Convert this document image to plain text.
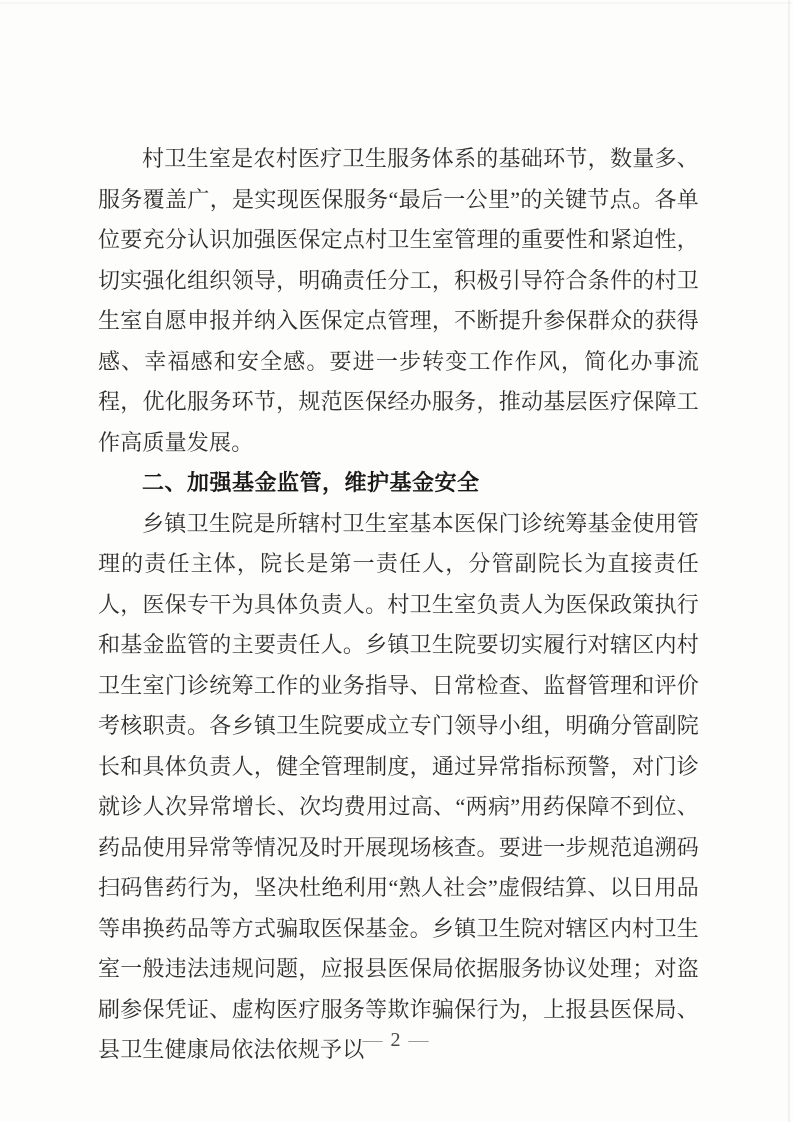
村卫生室是农村医疗卫生服务体系的基础环节，数量多、服务覆盖广，是实现医保服务“最后一公里”的关键节点。各单位要充分认识加强医保定点村卫生室管理的重要性和紧迫性，切实强化组织领导，明确责任分工，积极引导符合条件的村卫生室自愿申报并纳入医保定点管理，不断提升参保群众的获得感、幸福感和安全感。要进一步转变工作作风，简化办事流程，优化服务环节，规范医保经办服务，推动基层医疗保障工作高质量发展。

二、加强基金监管，维护基金安全

乡镇卫生院是所辖村卫生室基本医保门诊统筹基金使用管理的责任主体，院长是第一责任人，分管副院长为直接责任人，医保专干为具体负责人。村卫生室负责人为医保政策执行和基金监管的主要责任人。乡镇卫生院要切实履行对辖区内村卫生室门诊统筹工作的业务指导、日常检查、监督管理和评价考核职责。各乡镇卫生院要成立专门领导小组，明确分管副院长和具体负责人，健全管理制度，通过异常指标预警，对门诊就诊人次异常增长、次均费用过高、“两病”用药保障不到位、药品使用异常等情况及时开展现场核查。要进一步规范追溯码扫码售药行为，坚决杜绝利用“熟人社会”虚假结算、以日用品等串换药品等方式骗取医保基金。乡镇卫生院对辖区内村卫生室一般违法违规问题，应报县医保局依据服务协议处理；对盗刷参保凭证、虚构医疗服务等欺诈骗保行为，上报县医保局、县卫生健康局依法依规予以

— 2 —
